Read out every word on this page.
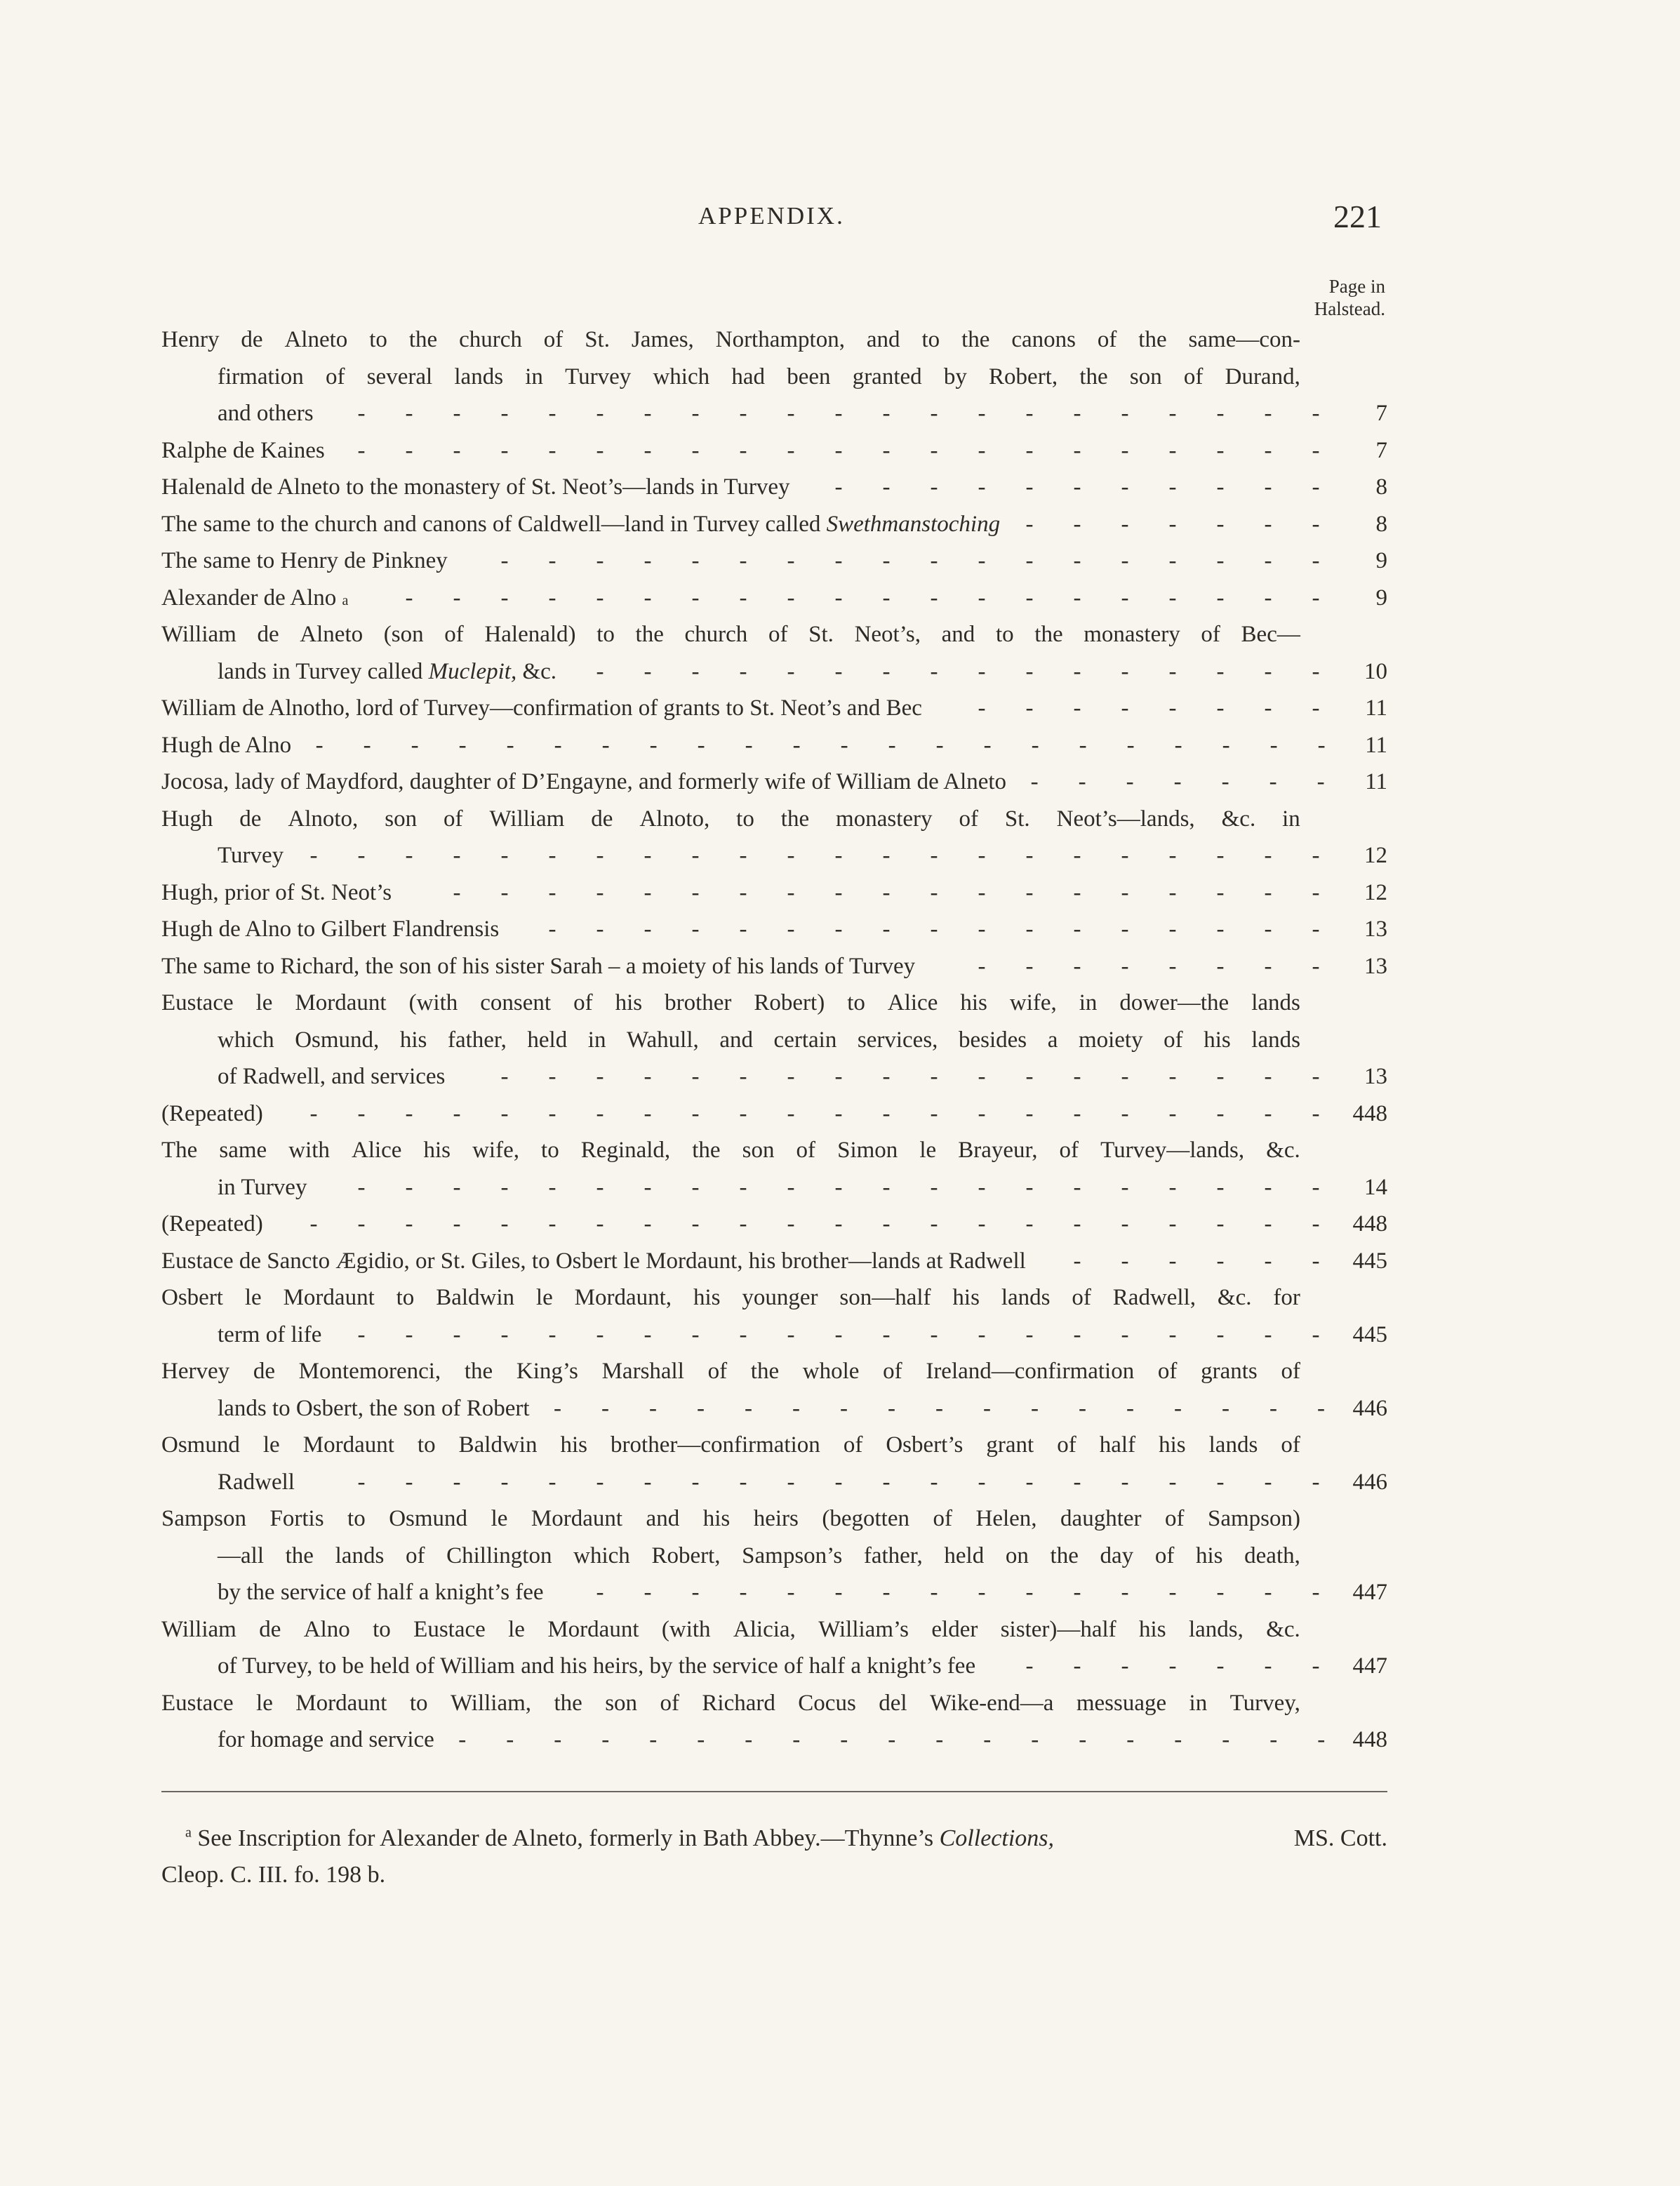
APPENDIX.	221
Page in
Halstead.
Henry de Alneto to the church of St. James, Northampton, and to the canons of the same—con-
firmation of several lands in Turvey which had been granted by Robert, the son of Durand,
and others	- - - - - - - - - - - - - - - - - - - - -	7
Ralphe de Kaines	- - - - - - - - - - - - - - - - - - - - -	7
Halenald de Alneto to the monastery of St. Neot’s—lands in Turvey	- - - - - - - - - - -	8
The same to the church and canons of Caldwell—land in Turvey called
Swethmanstoching	- - - - - - -	8
The same to Henry de Pinkney	- - - - - - - - - - - - - - - - - -	9
Alexander de Alno
a	- - - - - - - - - - - - - - - - - - - -	9
William de Alneto (son of Halenald) to the church of St. Neot’s, and to the monastery of Bec—
lands in Turvey called
Muclepit, &c.	- - - - - - - - - - - - - - - -	10
William de Alnotho, lord of Turvey—confirmation of grants to St. Neot’s and Bec	- - - - - - - -	11
Hugh de Alno	- - - - - - - - - - - - - - - - - - - - - -	11
Jocosa, lady of Maydford, daughter of D’Engayne, and formerly wife of William de Alneto	- - - - - - -	11
Hugh de Alnoto, son of William de Alnoto, to the monastery of St. Neot’s—lands, &c. in
Turvey	- - - - - - - - - - - - - - - - - - - - - -	12
Hugh, prior of St. Neot’s	- - - - - - - - - - - - - - - - - - -	12
Hugh de Alno to Gilbert Flandrensis	- - - - - - - - - - - - - - - - -	13
The same to Richard, the son of his sister Sarah – a moiety of his lands of Turvey	- - - - - - - -	13
Eustace le Mordaunt (with consent of his brother Robert) to Alice his wife, in dower—the lands
which Osmund, his father, held in Wahull, and certain services, besides a moiety of his lands
of Radwell, and services	- - - - - - - - - - - - - - - - - -	13
(Repeated)	- - - - - - - - - - - - - - - - - - - - - -	448
The same with Alice his wife, to Reginald, the son of Simon le Brayeur, of Turvey—lands, &c.
in Turvey	- - - - - - - - - - - - - - - - - - - - -	14
(Repeated)	- - - - - - - - - - - - - - - - - - - - - -	448
Eustace de Sancto Ægidio, or St. Giles, to Osbert le Mordaunt, his brother—lands at Radwell	- - - - - -	445
Osbert le Mordaunt to Baldwin le Mordaunt, his younger son—half his lands of Radwell, &c. for
term of life	- - - - - - - - - - - - - - - - - - - - -	445
Hervey de Montemorenci, the King’s Marshall of the whole of Ireland—confirmation of grants of
lands to Osbert, the son of Robert	- - - - - - - - - - - - - - - - -	446
Osmund le Mordaunt to Baldwin his brother—confirmation of Osbert’s grant of half his lands of
Radwell	- - - - - - - - - - - - - - - - - - - - -	446
Sampson Fortis to Osmund le Mordaunt and his heirs (begotten of Helen, daughter of Sampson)
—all the lands of Chillington which Robert, Sampson’s father, held on the day of his death,
by the service of half a knight’s fee	- - - - - - - - - - - - - - - -	447
William de Alno to Eustace le Mordaunt (with Alicia, William’s elder sister)—half his lands, &c.
of Turvey, to be held of William and his heirs, by the service of half a knight’s fee	- - - - - - -	447
Eustace le Mordaunt to William, the son of Richard Cocus del Wike-end—a messuage in Turvey,
for homage and service	- - - - - - - - - - - - - - - - - - -	448
$^a$ See Inscription for Alexander de Alneto, formerly in Bath Abbey.—Thynne’s Collections,	MS. Cott.
Cleop. C. III. fo. 198 b.
